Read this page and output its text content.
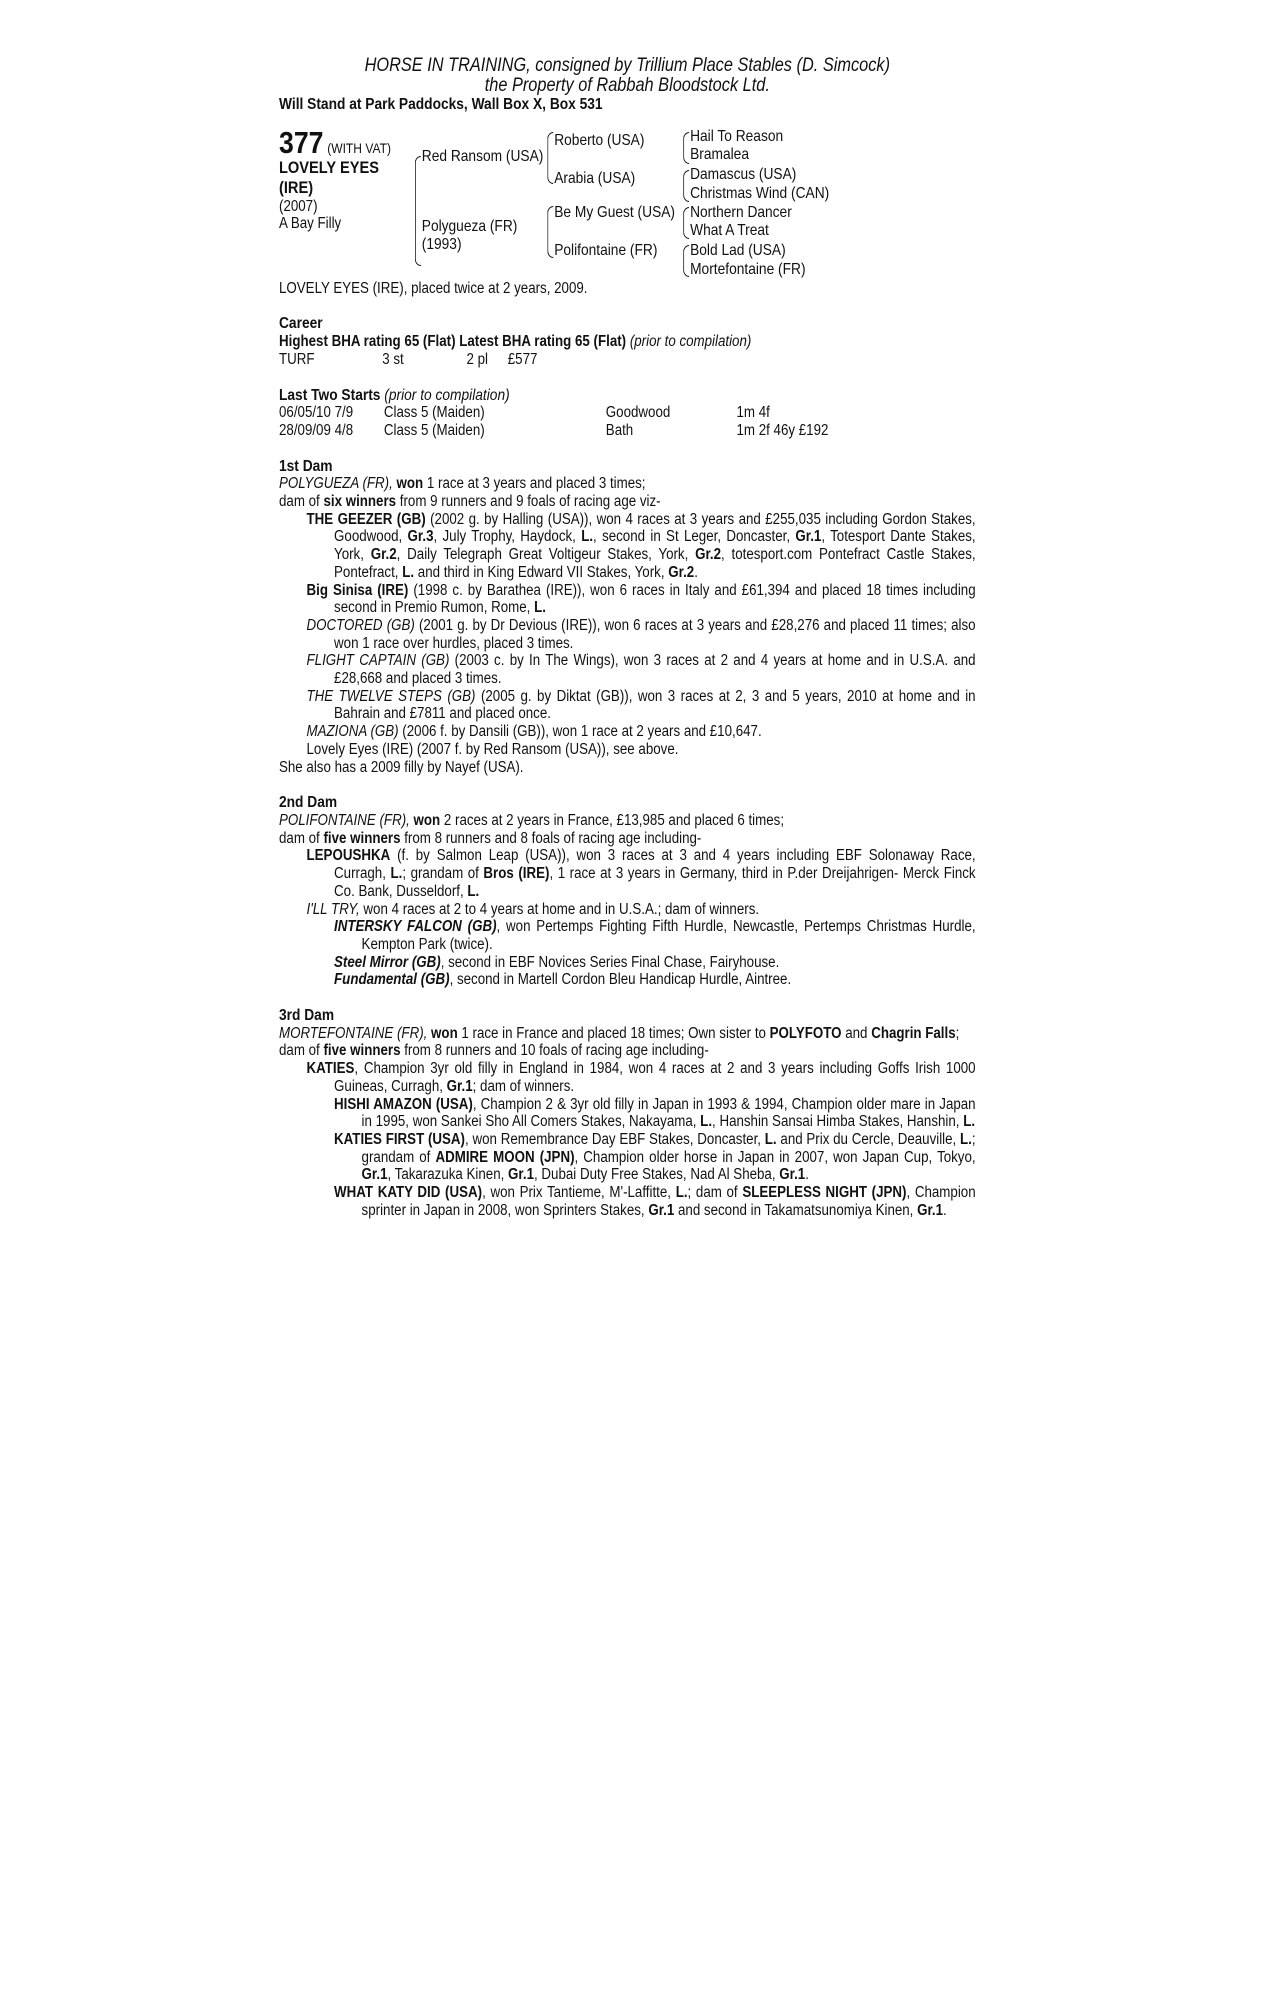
HORSE IN TRAINING, consigned by Trillium Place Stables (D. Simcock)
the Property of Rabbah Bloodstock Ltd.
Will Stand at Park Paddocks, Wall Box X, Box 531
377 (WITH VAT)
LOVELY EYES
(IRE)
(2007)
A Bay Filly
Red Ransom (USA)
Polygueza (FR)
(1993)
Roberto (USA)
Arabia (USA)
Be My Guest (USA)
Polifontaine (FR)
Hail To Reason
Bramalea
Damascus (USA)
Christmas Wind (CAN)
Northern Dancer
What A Treat
Bold Lad (USA)
Mortefontaine (FR)
LOVELY EYES (IRE), placed twice at 2 years, 2009.
Career
Highest BHA rating 65 (Flat) Latest BHA rating 65 (Flat) (prior to compilation)
TURF	3 st	2 pl	£577
Last Two Starts (prior to compilation)
06/05/10 7/9	Class 5 (Maiden)	Goodwood	1m 4f
28/09/09 4/8	Class 5 (Maiden)	Bath	1m 2f 46y £192
1st Dam
POLYGUEZA (FR), won 1 race at 3 years and placed 3 times;
dam of six winners from 9 runners and 9 foals of racing age viz-
THE GEEZER (GB) (2002 g. by Halling (USA)), won 4 races at 3 years and £255,035 including Gordon Stakes, Goodwood, Gr.3, July Trophy, Haydock, L., second in St Leger, Doncaster, Gr.1, Totesport Dante Stakes, York, Gr.2, Daily Telegraph Great Voltigeur Stakes, York, Gr.2, totesport.com Pontefract Castle Stakes, Pontefract, L. and third in King Edward VII Stakes, York, Gr.2.
Big Sinisa (IRE) (1998 c. by Barathea (IRE)), won 6 races in Italy and £61,394 and placed 18 times including second in Premio Rumon, Rome, L.
DOCTORED (GB) (2001 g. by Dr Devious (IRE)), won 6 races at 3 years and £28,276 and placed 11 times; also won 1 race over hurdles, placed 3 times.
FLIGHT CAPTAIN (GB) (2003 c. by In The Wings), won 3 races at 2 and 4 years at home and in U.S.A. and £28,668 and placed 3 times.
THE TWELVE STEPS (GB) (2005 g. by Diktat (GB)), won 3 races at 2, 3 and 5 years, 2010 at home and in Bahrain and £7811 and placed once.
MAZIONA (GB) (2006 f. by Dansili (GB)), won 1 race at 2 years and £10,647.
Lovely Eyes (IRE) (2007 f. by Red Ransom (USA)), see above.
She also has a 2009 filly by Nayef (USA).
2nd Dam
POLIFONTAINE (FR), won 2 races at 2 years in France, £13,985 and placed 6 times;
dam of five winners from 8 runners and 8 foals of racing age including-
LEPOUSHKA (f. by Salmon Leap (USA)), won 3 races at 3 and 4 years including EBF Solonaway Race, Curragh, L.; grandam of Bros (IRE), 1 race at 3 years in Germany, third in P.der Dreijahrigen- Merck Finck Co. Bank, Dusseldorf, L.
I'LL TRY, won 4 races at 2 to 4 years at home and in U.S.A.; dam of winners.
INTERSKY FALCON (GB), won Pertemps Fighting Fifth Hurdle, Newcastle, Pertemps Christmas Hurdle, Kempton Park (twice).
Steel Mirror (GB), second in EBF Novices Series Final Chase, Fairyhouse.
Fundamental (GB), second in Martell Cordon Bleu Handicap Hurdle, Aintree.
3rd Dam
MORTEFONTAINE (FR), won 1 race in France and placed 18 times; Own sister to POLYFOTO and Chagrin Falls;
dam of five winners from 8 runners and 10 foals of racing age including-
KATIES, Champion 3yr old filly in England in 1984, won 4 races at 2 and 3 years including Goffs Irish 1000 Guineas, Curragh, Gr.1; dam of winners.
HISHI AMAZON (USA), Champion 2 & 3yr old filly in Japan in 1993 & 1994, Champion older mare in Japan in 1995, won Sankei Sho All Comers Stakes, Nakayama, L., Hanshin Sansai Himba Stakes, Hanshin, L.
KATIES FIRST (USA), won Remembrance Day EBF Stakes, Doncaster, L. and Prix du Cercle, Deauville, L.; grandam of ADMIRE MOON (JPN), Champion older horse in Japan in 2007, won Japan Cup, Tokyo, Gr.1, Takarazuka Kinen, Gr.1, Dubai Duty Free Stakes, Nad Al Sheba, Gr.1.
WHAT KATY DID (USA), won Prix Tantieme, M'-Laffitte, L.; dam of SLEEPLESS NIGHT (JPN), Champion sprinter in Japan in 2008, won Sprinters Stakes, Gr.1 and second in Takamatsunomiya Kinen, Gr.1.
